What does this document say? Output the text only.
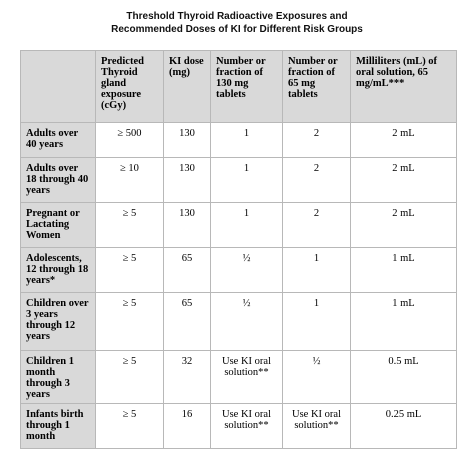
Threshold Thyroid Radioactive Exposures and
Recommended Doses of KI for Different Risk Groups
	Predicted Thyroid gland exposure (cGy)	KI dose (mg)	Number or fraction of 130 mg tablets	Number or fraction of 65 mg tablets	Milliliters (mL) of oral solution, 65 mg/mL***
Adults over 40 years	≥ 500	130	1	2	2 mL
Adults over 18 through 40 years	≥ 10	130	1	2	2 mL
Pregnant or Lactating Women	≥ 5	130	1	2	2 mL
Adolescents, 12 through 18 years*	≥ 5	65	½	1	1 mL
Children over 3 years through 12 years	≥ 5	65	½	1	1 mL
Children 1 month through 3 years	≥ 5	32	Use KI oral solution**	½	0.5 mL
Infants birth through 1 month	≥ 5	16	Use KI oral solution**	Use KI oral solution**	0.25 mL
